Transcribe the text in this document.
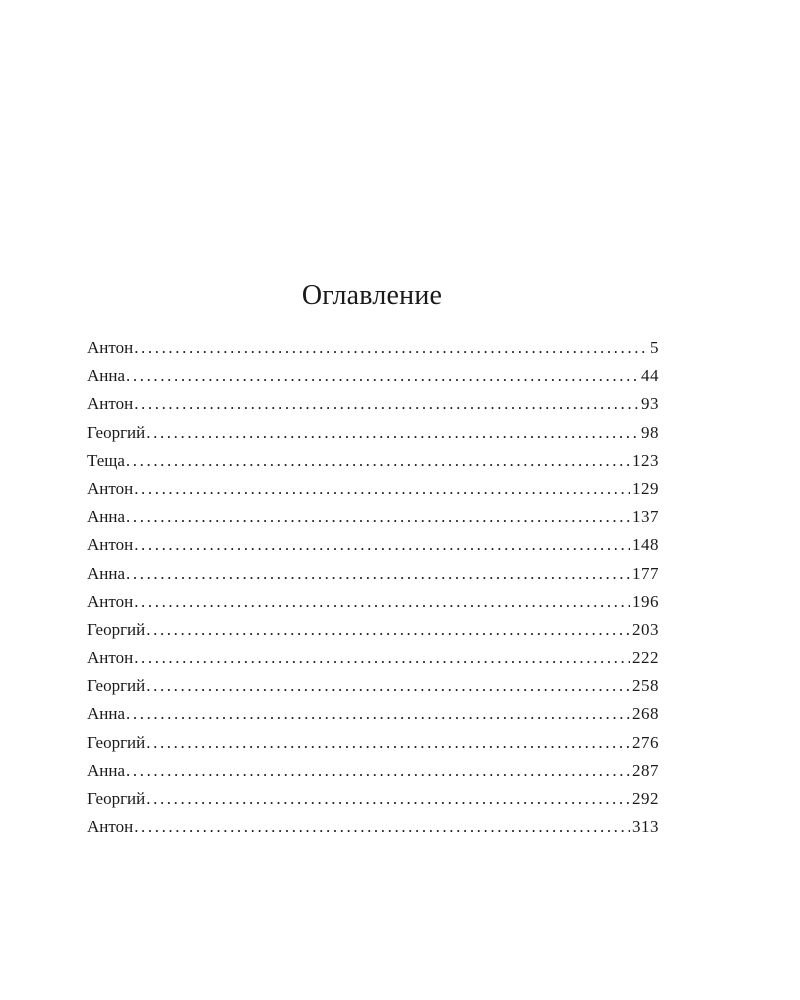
Оглавление
Антон .....	5
Анна .....	44
Антон .....	93
Георгий .....	98
Теща .....	123
Антон .....	129
Анна .....	137
Антон .....	148
Анна .....	177
Антон .....	196
Георгий .....	203
Антон .....	222
Георгий .....	258
Анна .....	268
Георгий .....	276
Анна .....	287
Георгий .....	292
Антон .....	313
